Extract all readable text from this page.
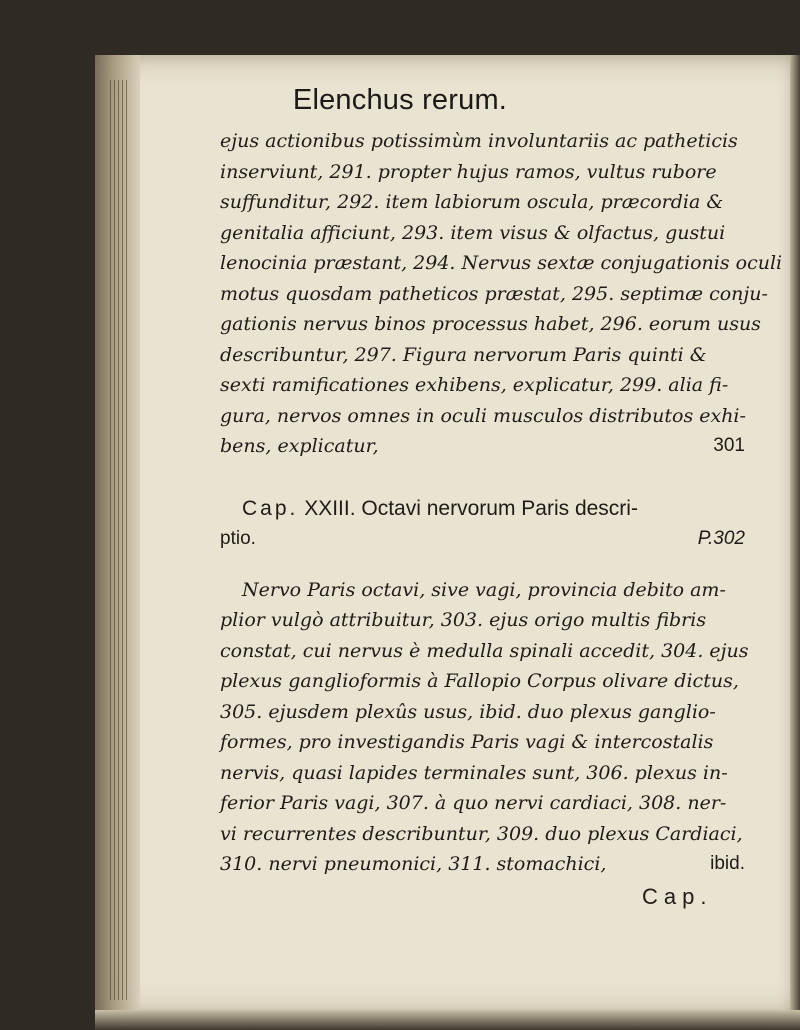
Elenchus rerum.
ejus actionibus potissimùm involuntariis ac patheticis
inserviunt, 291. propter hujus ramos, vultus rubore
suffunditur, 292. item labiorum oscula, præcordia &
genitalia afficiunt, 293. item visus & olfactus, gustui
lenocinia præstant, 294. Nervus sextæ conjugationis oculi
motus quosdam patheticos præstat, 295. septimæ conju-
gationis nervus binos processus habet, 296. eorum usus
describuntur, 297. Figura nervorum Paris quinti &
sexti ramificationes exhibens, explicatur, 299. alia fi-
gura, nervos omnes in oculi musculos distributos exhi-
bens, explicatur,	301
Cap. XXIII. Octavi nervorum Paris descri-
ptio.	P.302
Nervo Paris octavi, sive vagi, provincia debito am-
plior vulgò attribuitur, 303. ejus origo multis fibris
constat, cui nervus è medulla spinali accedit, 304. ejus
plexus ganglioformis à Fallopio Corpus olivare dictus,
305. ejusdem plexûs usus, ibid. duo plexus ganglio-
formes, pro investigandis Paris vagi & intercostalis
nervis, quasi lapides terminales sunt, 306. plexus in-
ferior Paris vagi, 307. à quo nervi cardiaci, 308. ner-
vi recurrentes describuntur, 309. duo plexus Cardiaci,
310. nervi pneumonici, 311. stomachici,	ibid.
Cap.
